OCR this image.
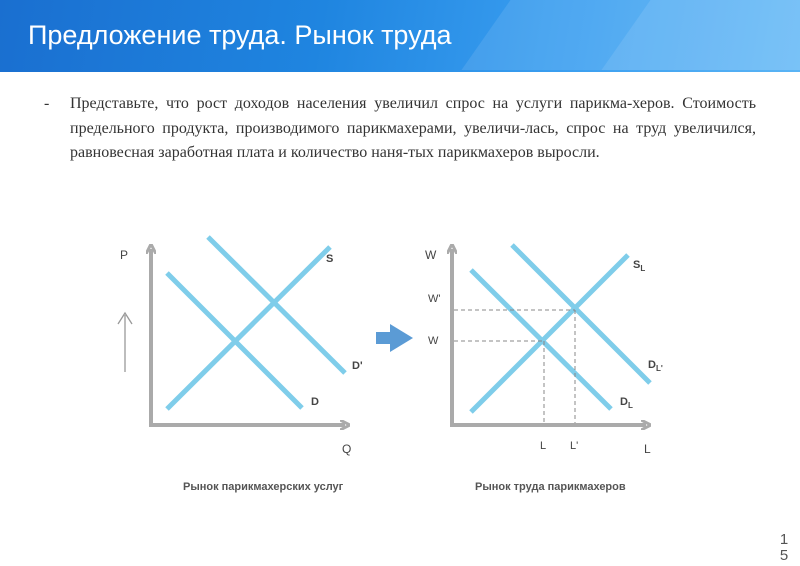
Предложение труда. Рынок труда
- Представьте, что рост доходов населения увеличил спрос на услуги парикма-херов. Стоимость предельного продукта, производимого парикмахерами, увеличи-лась, спрос на труд увеличился, равновесная заработная плата и количество наня-тых парикмахеров выросли.
P
Q
S
D
D'
Рынок парикмахерских услуг
W
L
W'
W
L L'
$S_L$
$D_L$
$D_{L'}$
Рынок труда парикмахеров
15
